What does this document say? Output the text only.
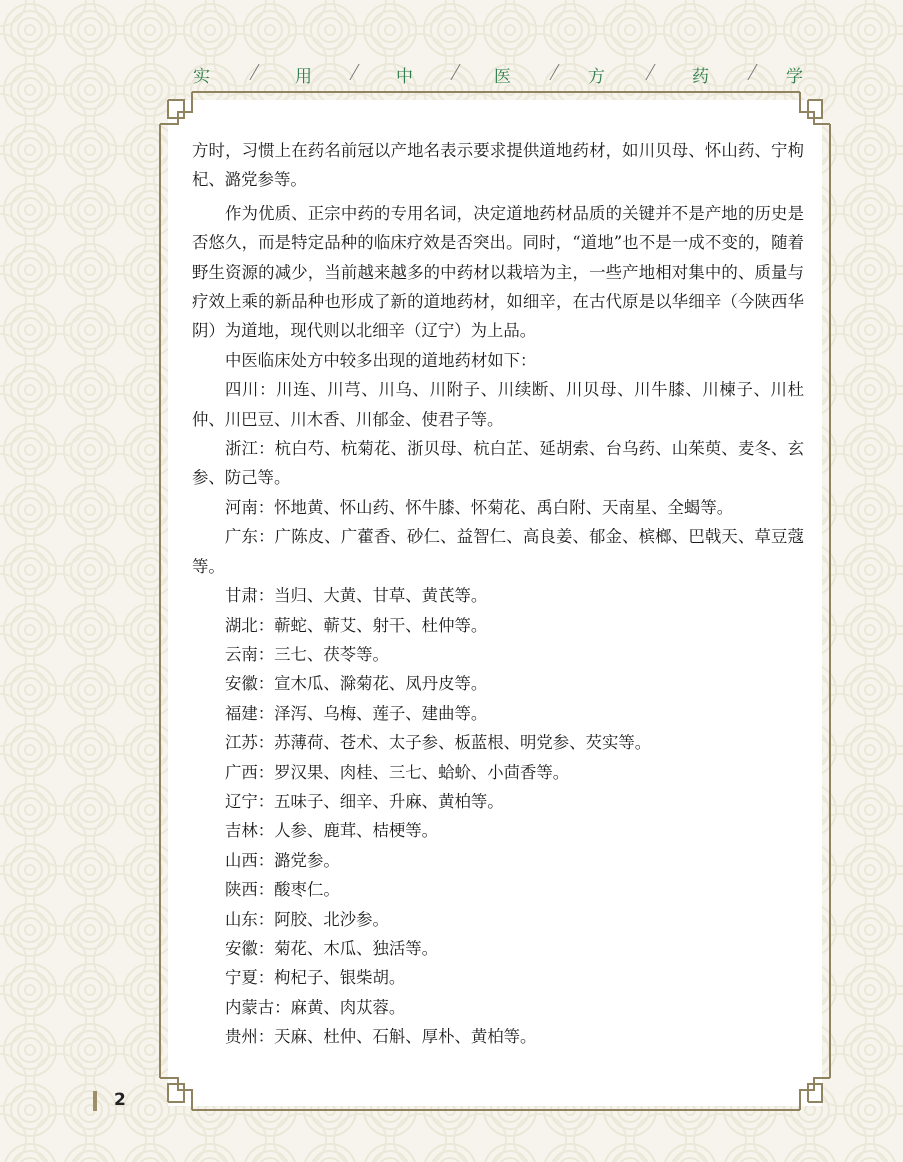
实	用	中	医	方	药	学

方时，习惯上在药名前冠以产地名表示要求提供道地药材，如川贝母、怀山药、宁枸杞、潞党参等。

作为优质、正宗中药的专用名词，决定道地药材品质的关键并不是产地的历史是否悠久，而是特定品种的临床疗效是否突出。同时，“道地”也不是一成不变的，随着野生资源的减少，当前越来越多的中药材以栽培为主，一些产地相对集中的、质量与疗效上乘的新品种也形成了新的道地药材，如细辛，在古代原是以华细辛（今陕西华阴）为道地，现代则以北细辛（辽宁）为上品。

中医临床处方中较多出现的道地药材如下：

四川：川连、川芎、川乌、川附子、川续断、川贝母、川牛膝、川楝子、川杜仲、川巴豆、川木香、川郁金、使君子等。

浙江：杭白芍、杭菊花、浙贝母、杭白芷、延胡索、台乌药、山茱萸、麦冬、玄参、防己等。

河南：怀地黄、怀山药、怀牛膝、怀菊花、禹白附、天南星、全蝎等。

广东：广陈皮、广藿香、砂仁、益智仁、高良姜、郁金、槟榔、巴戟天、草豆蔻等。

甘肃：当归、大黄、甘草、黄芪等。

湖北：蕲蛇、蕲艾、射干、杜仲等。

云南：三七、茯苓等。

安徽：宣木瓜、滁菊花、凤丹皮等。

福建：泽泻、乌梅、莲子、建曲等。

江苏：苏薄荷、苍术、太子参、板蓝根、明党参、芡实等。

广西：罗汉果、肉桂、三七、蛤蚧、小茴香等。

辽宁：五味子、细辛、升麻、黄柏等。

吉林：人参、鹿茸、桔梗等。

山西：潞党参。

陕西：酸枣仁。

山东：阿胶、北沙参。

安徽：菊花、木瓜、独活等。

宁夏：枸杞子、银柴胡。

内蒙古：麻黄、肉苁蓉。

贵州：天麻、杜仲、石斛、厚朴、黄柏等。

2
